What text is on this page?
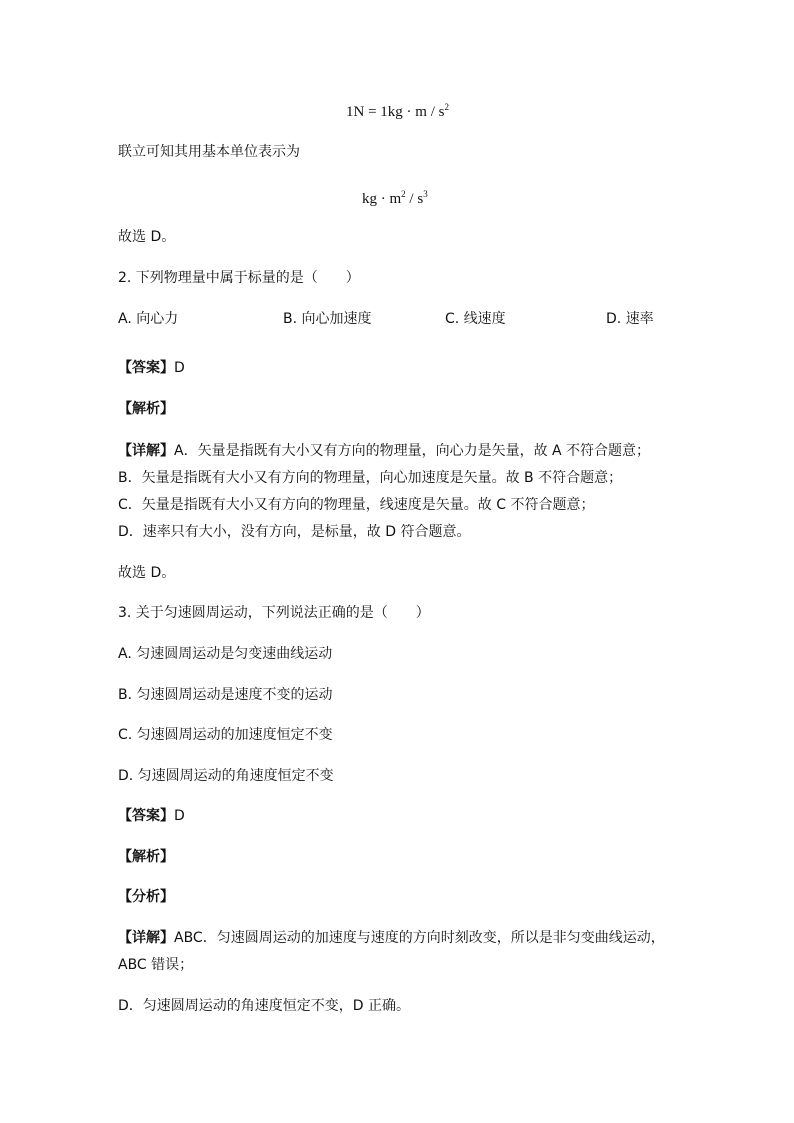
$1N = 1kg \cdot m / s^2$
联立可知其用基本单位表示为
kg · $m^2 / s^3$
故选 D。
2. 下列物理量中属于标量的是（　　）
A. 向心力	B. 向心加速度	C. 线速度	D. 速率
【答案】D
【解析】
【详解】A．矢量是指既有大小又有方向的物理量，向心力是矢量，故 A 不符合题意；
B．矢量是指既有大小又有方向的物理量，向心加速度是矢量。故 B 不符合题意；
C．矢量是指既有大小又有方向的物理量，线速度是矢量。故 C 不符合题意；
D．速率只有大小，没有方向，是标量，故 D 符合题意。
故选 D。
3. 关于匀速圆周运动，下列说法正确的是（　　）
A. 匀速圆周运动是匀变速曲线运动
B. 匀速圆周运动是速度不变的运动
C. 匀速圆周运动的加速度恒定不变
D. 匀速圆周运动的角速度恒定不变
【答案】D
【解析】
【分析】
【详解】ABC．匀速圆周运动的加速度与速度的方向时刻改变，所以是非匀变曲线运动，
ABC 错误；
D．匀速圆周运动的角速度恒定不变，D 正确。
